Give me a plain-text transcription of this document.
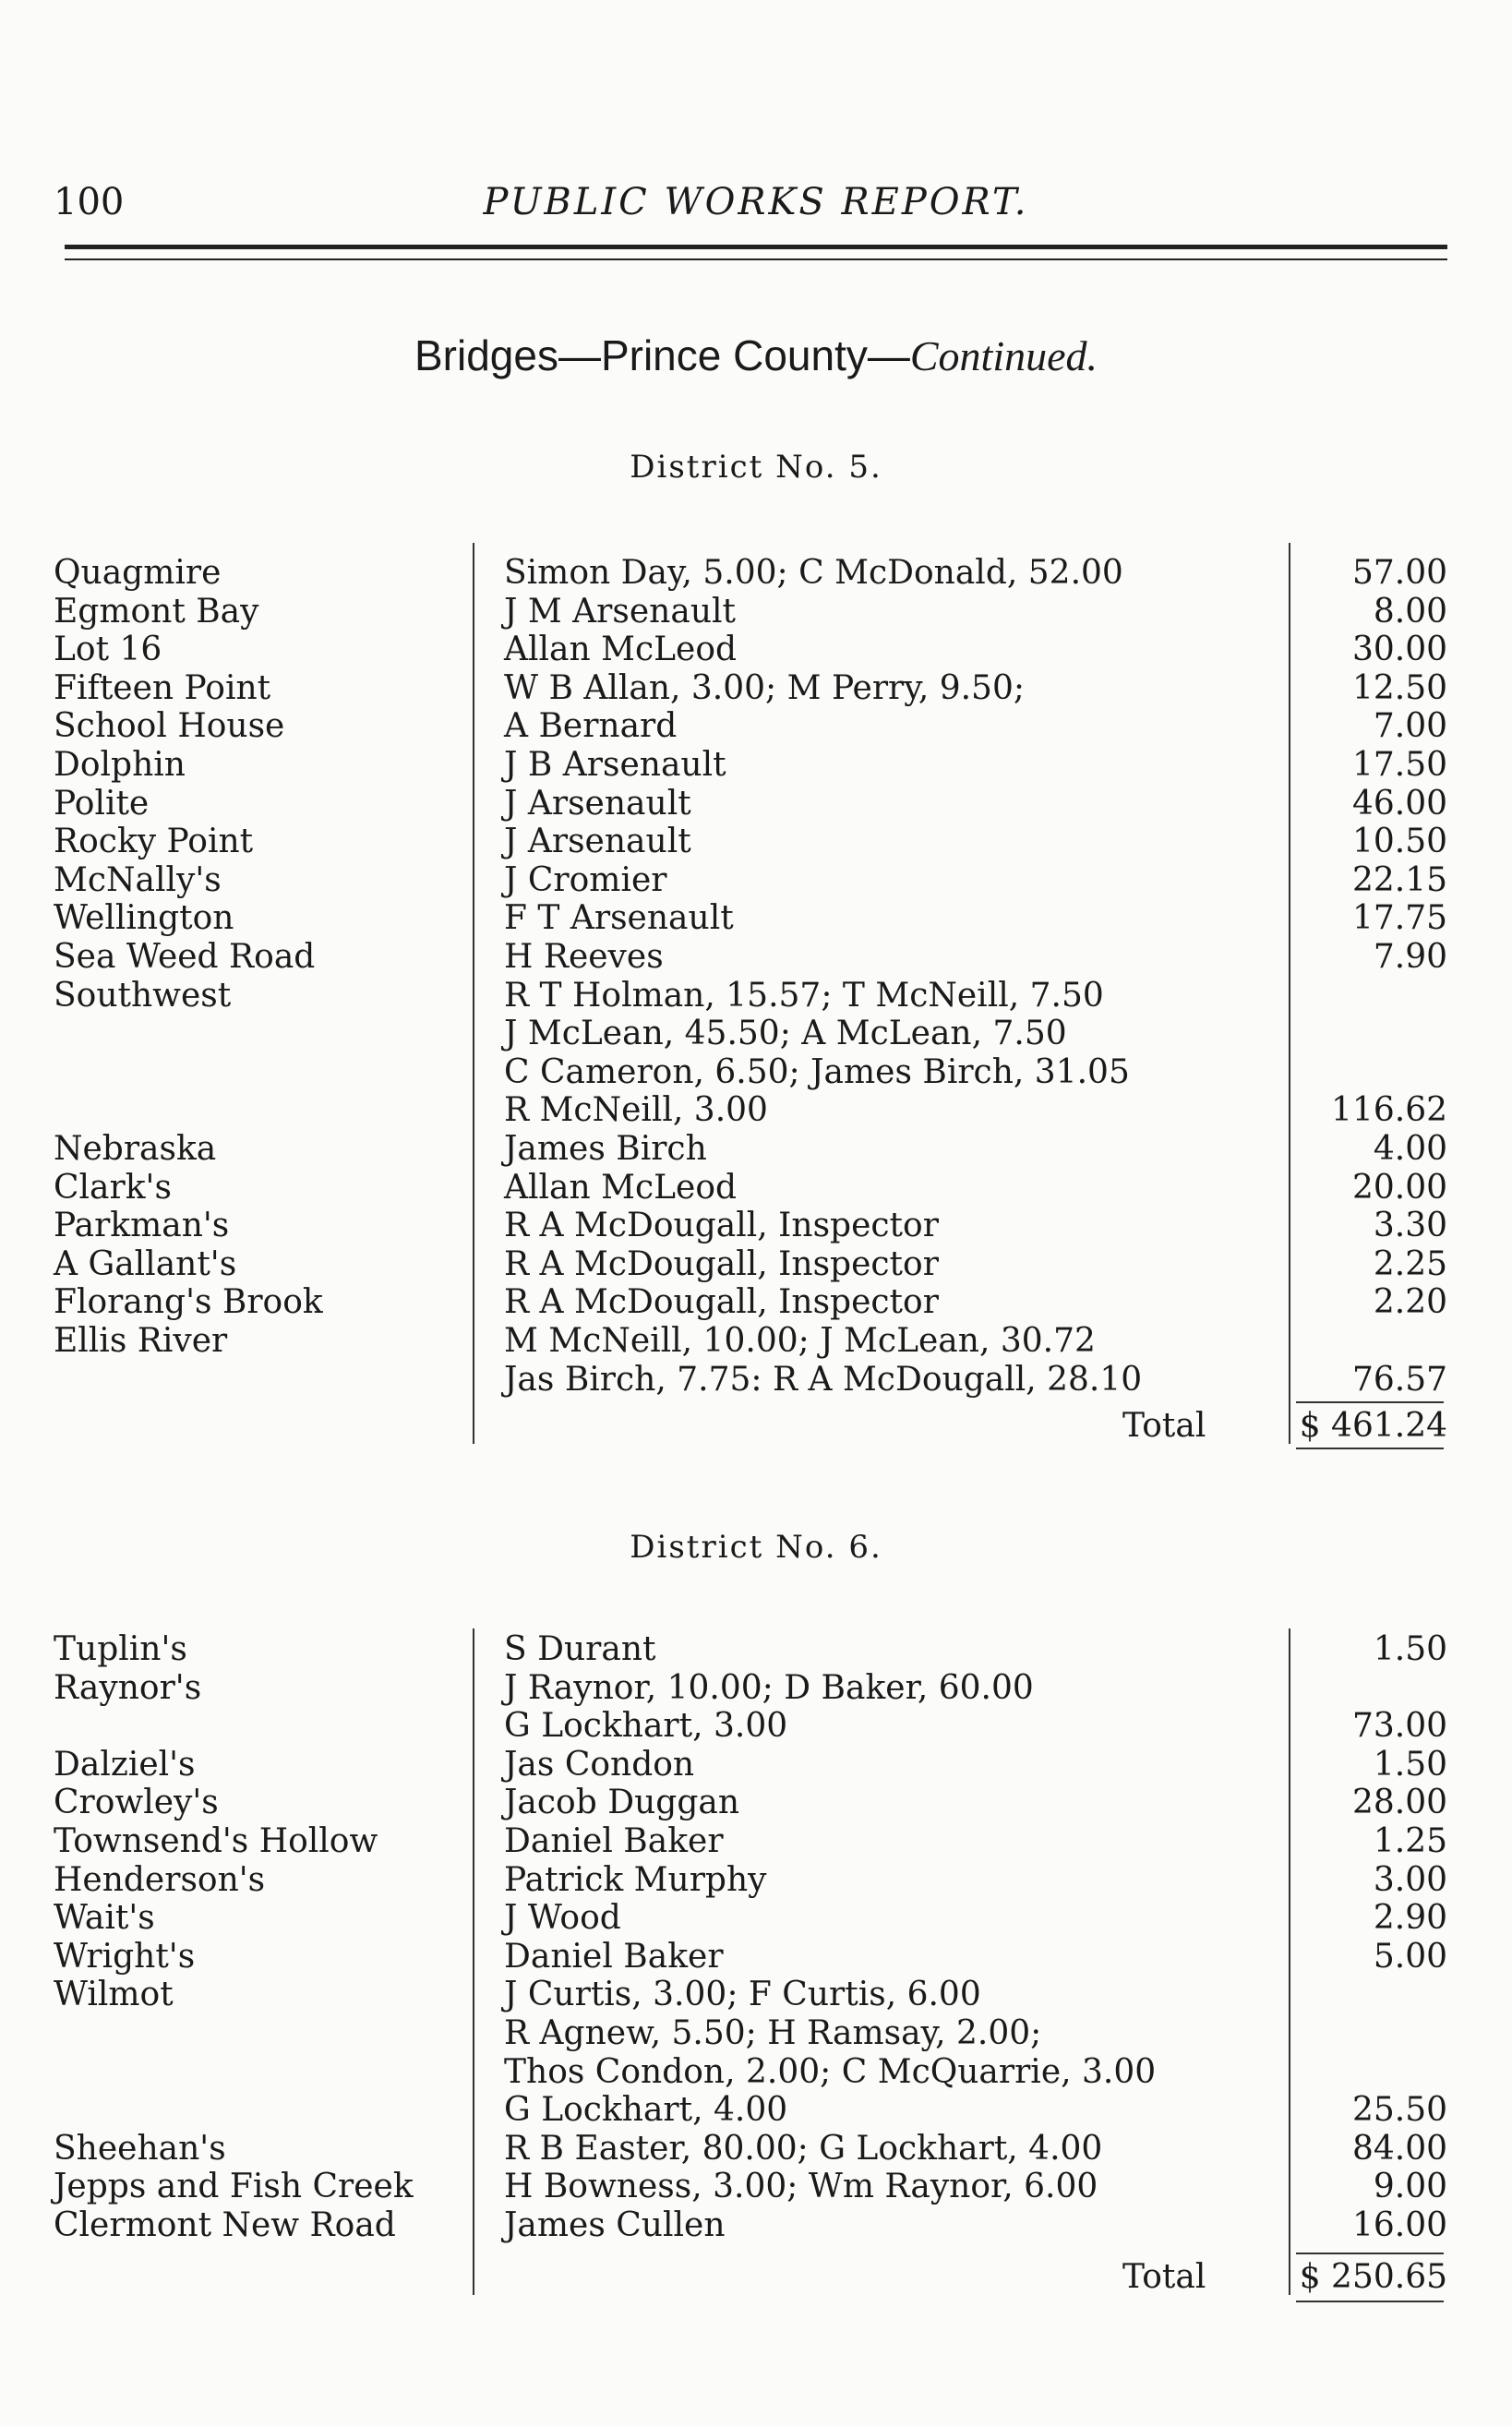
100	PUBLIC WORKS REPORT.
Bridges—Prince County—Continued.
District No. 5.
Quagmire	Simon Day, 5.00; C McDonald, 52.00	57.00
Egmont Bay	J M Arsenault	8.00
Lot 16	Allan McLeod	30.00
Fifteen Point	W B Allan, 3.00; M Perry, 9.50;	12.50
School House	A Bernard	7.00
Dolphin	J B Arsenault	17.50
Polite	J Arsenault	46.00
Rocky Point	J Arsenault	10.50
McNally's	J Cromier	22.15
Wellington	F T Arsenault	17.75
Sea Weed Road	H Reeves	7.90
Southwest	R T Holman, 15.57; T McNeill, 7.50
J McLean, 45.50; A McLean, 7.50
C Cameron, 6.50; James Birch, 31.05
R McNeill, 3.00	116.62
Nebraska	James Birch	4.00
Clark's	Allan McLeod	20.00
Parkman's	R A McDougall, Inspector	3.30
A Gallant's	R A McDougall, Inspector	2.25
Florang's Brook	R A McDougall, Inspector	2.20
Ellis River	M McNeill, 10.00; J McLean, 30.72
Jas Birch, 7.75: R A McDougall, 28.10	76.57
Total	$ 461.24
District No. 6.
Tuplin's	S Durant	1.50
Raynor's	J Raynor, 10.00; D Baker, 60.00
G Lockhart, 3.00	73.00
Dalziel's	Jas Condon	1.50
Crowley's	Jacob Duggan	28.00
Townsend's Hollow	Daniel Baker	1.25
Henderson's	Patrick Murphy	3.00
Wait's	J Wood	2.90
Wright's	Daniel Baker	5.00
Wilmot	J Curtis, 3.00; F Curtis, 6.00
R Agnew, 5.50; H Ramsay, 2.00;
Thos Condon, 2.00; C McQuarrie, 3.00
G Lockhart, 4.00	25.50
Sheehan's	R B Easter, 80.00; G Lockhart, 4.00	84.00
Jepps and Fish Creek	H Bowness, 3.00; Wm Raynor, 6.00	9.00
Clermont New Road	James Cullen	16.00
Total	$ 250.65
